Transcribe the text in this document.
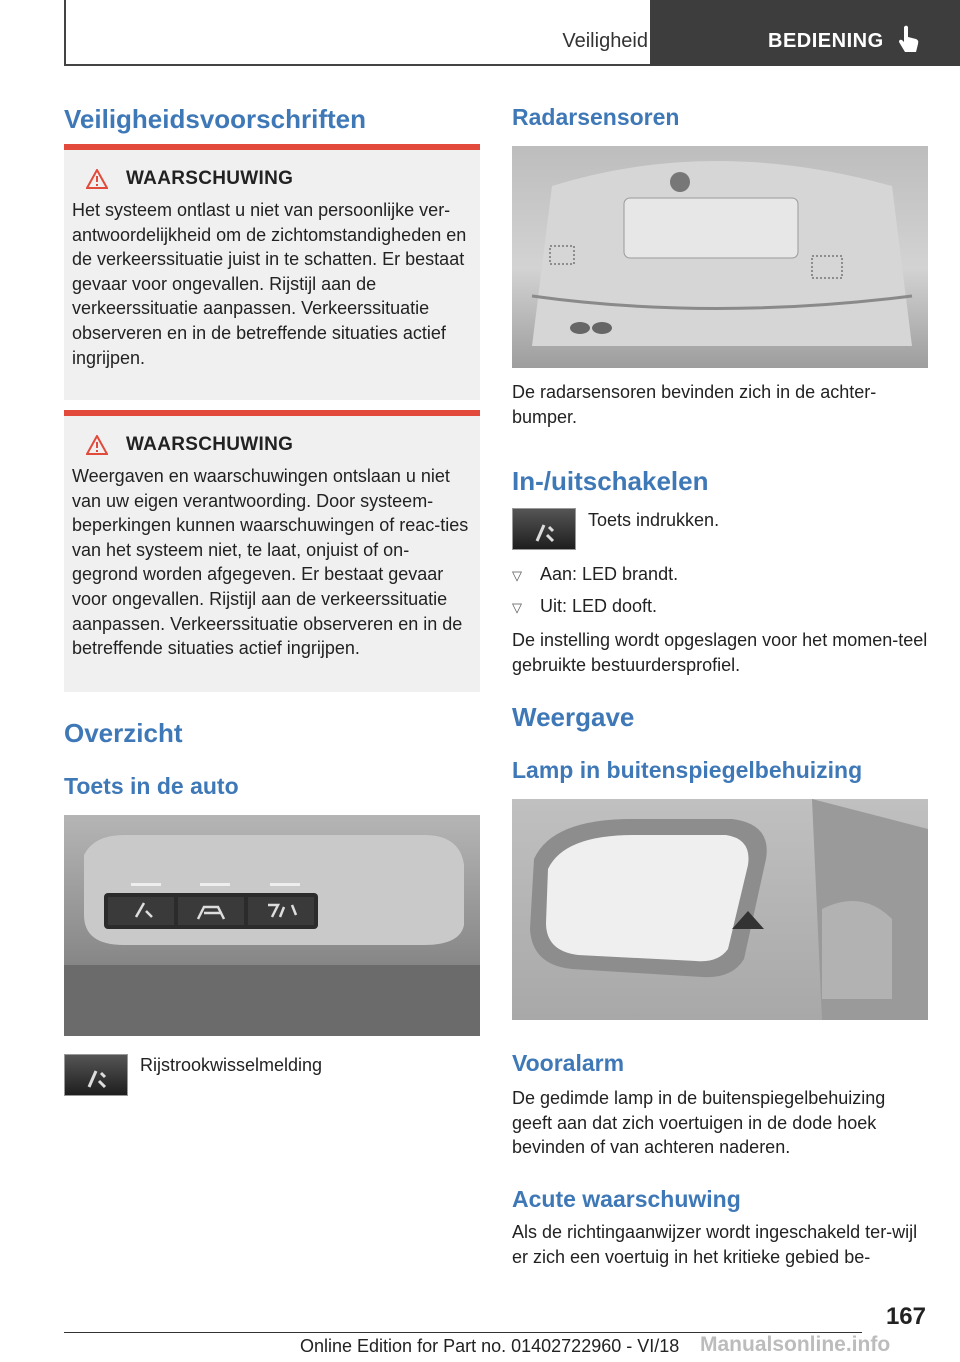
Veiligheid	BEDIENING
Veiligheidsvoorschriften
WAARSCHUWING
Het systeem ontlast u niet van persoonlijke ver-antwoordelijkheid om de zichtomstandigheden en de verkeerssituatie juist in te schatten. Er bestaat gevaar voor ongevallen. Rijstijl aan de verkeerssituatie aanpassen. Verkeerssituatie observeren en in de betreffende situaties actief ingrijpen.
WAARSCHUWING
Weergaven en waarschuwingen ontslaan u niet van uw eigen verantwoording. Door systeem-beperkingen kunnen waarschuwingen of reac-ties van het systeem niet, te laat, onjuist of on-gegrond worden afgegeven. Er bestaat gevaar voor ongevallen. Rijstijl aan de verkeerssituatie aanpassen. Verkeerssituatie observeren en in de betreffende situaties actief ingrijpen.
Overzicht
Toets in de auto
Rijstrookwisselmelding
Radarsensoren
De radarsensoren bevinden zich in de achter-bumper.
In-/uitschakelen
Toets indrukken.
▽ Aan: LED brandt.
▽ Uit: LED dooft.
De instelling wordt opgeslagen voor het momen-teel gebruikte bestuurdersprofiel.
Weergave
Lamp in buitenspiegelbehuizing
Vooralarm
De gedimde lamp in de buitenspiegelbehuizing geeft aan dat zich voertuigen in de dode hoek bevinden of van achteren naderen.
Acute waarschuwing
Als de richtingaanwijzer wordt ingeschakeld ter-wijl er zich een voertuig in het kritieke gebied be-
167
Online Edition for Part no. 01402722960 - VI/18 Manualsonline.info
